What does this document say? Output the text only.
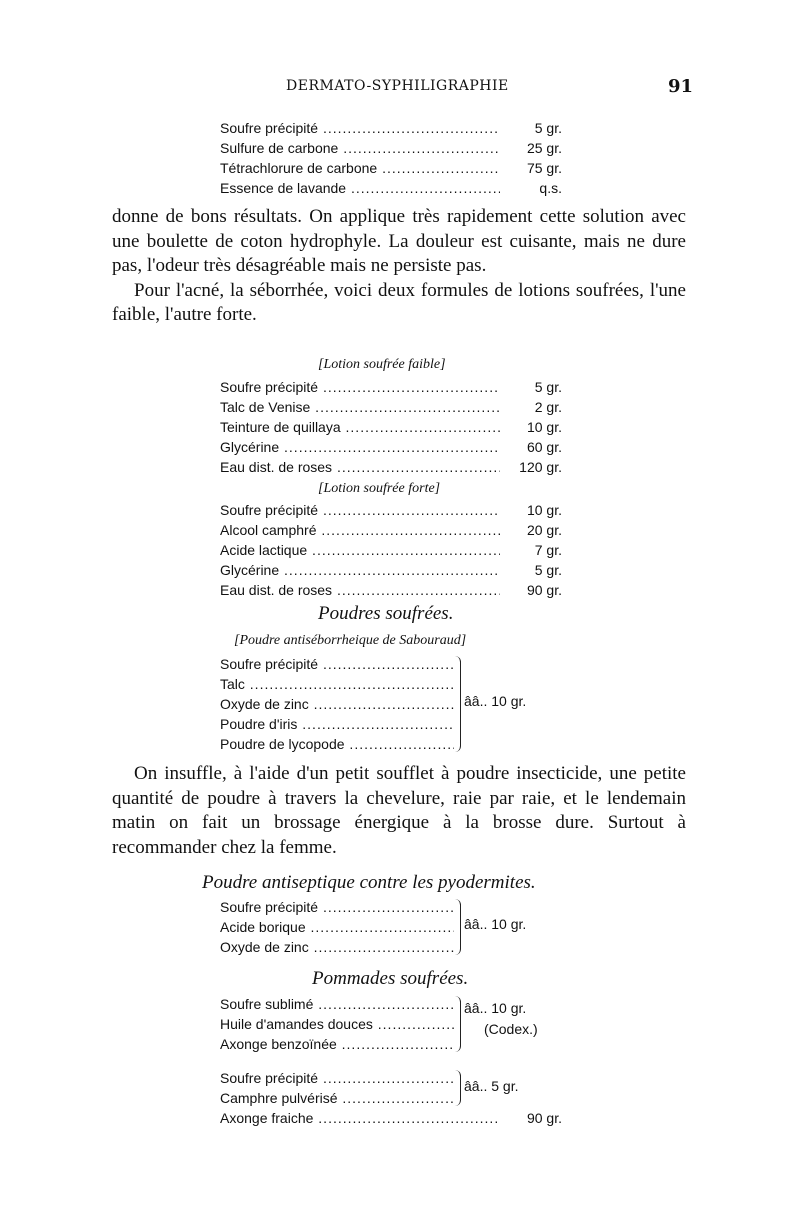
DERMATO-SYPHILIGRAPHIE	91
Soufre précipité .....	5 gr.
Sulfure de carbone .....	25 gr.
Tétrachlorure de carbone .....	75 gr.
Essence de lavande .....	q.s.

donne de bons résultats. On applique très rapidement cette solution avec une boulette de coton hydrophyle. La douleur est cuisante, mais ne dure pas, l'odeur très désagréable mais ne persiste pas.

Pour l'acné, la séborrhée, voici deux formules de lotions soufrées, l'une faible, l'autre forte.

[Lotion soufrée faible]
Soufre précipité .....	5 gr.
Talc de Venise .....	2 gr.
Teinture de quillaya .....	10 gr.
Glycérine .....	60 gr.
Eau dist. de roses .....	120 gr.
[Lotion soufrée forte]
Soufre précipité .....	10 gr.
Alcool camphré .....	20 gr.
Acide lactique .....	7 gr.
Glycérine .....	5 gr.
Eau dist. de roses .....	90 gr.
Poudres soufrées.
[Poudre antiséborrheique de Sabouraud]
Soufre précipité .....
Talc .....
Oxyde de zinc .....
Poudre d'iris .....
Poudre de lycopode .....
ââ.. 10 gr.

On insuffle, à l'aide d'un petit soufflet à poudre insecticide, une petite quantité de poudre à travers la chevelure, raie par raie, et le lendemain matin on fait un brossage énergique à la brosse dure. Surtout à recommander chez la femme.

Poudre antiseptique contre les pyodermites.
Soufre précipité .....
Acide borique .....
Oxyde de zinc .....
ââ.. 10 gr.
Pommades soufrées.
Soufre sublimé .....
Huile d'amandes douces .....
Axonge benzoïnée .....
ââ.. 10 gr.
(Codex.)
Soufre précipité .....
Camphre pulvérisé .....
ââ.. 5 gr.
Axonge fraiche .....	90 gr.
